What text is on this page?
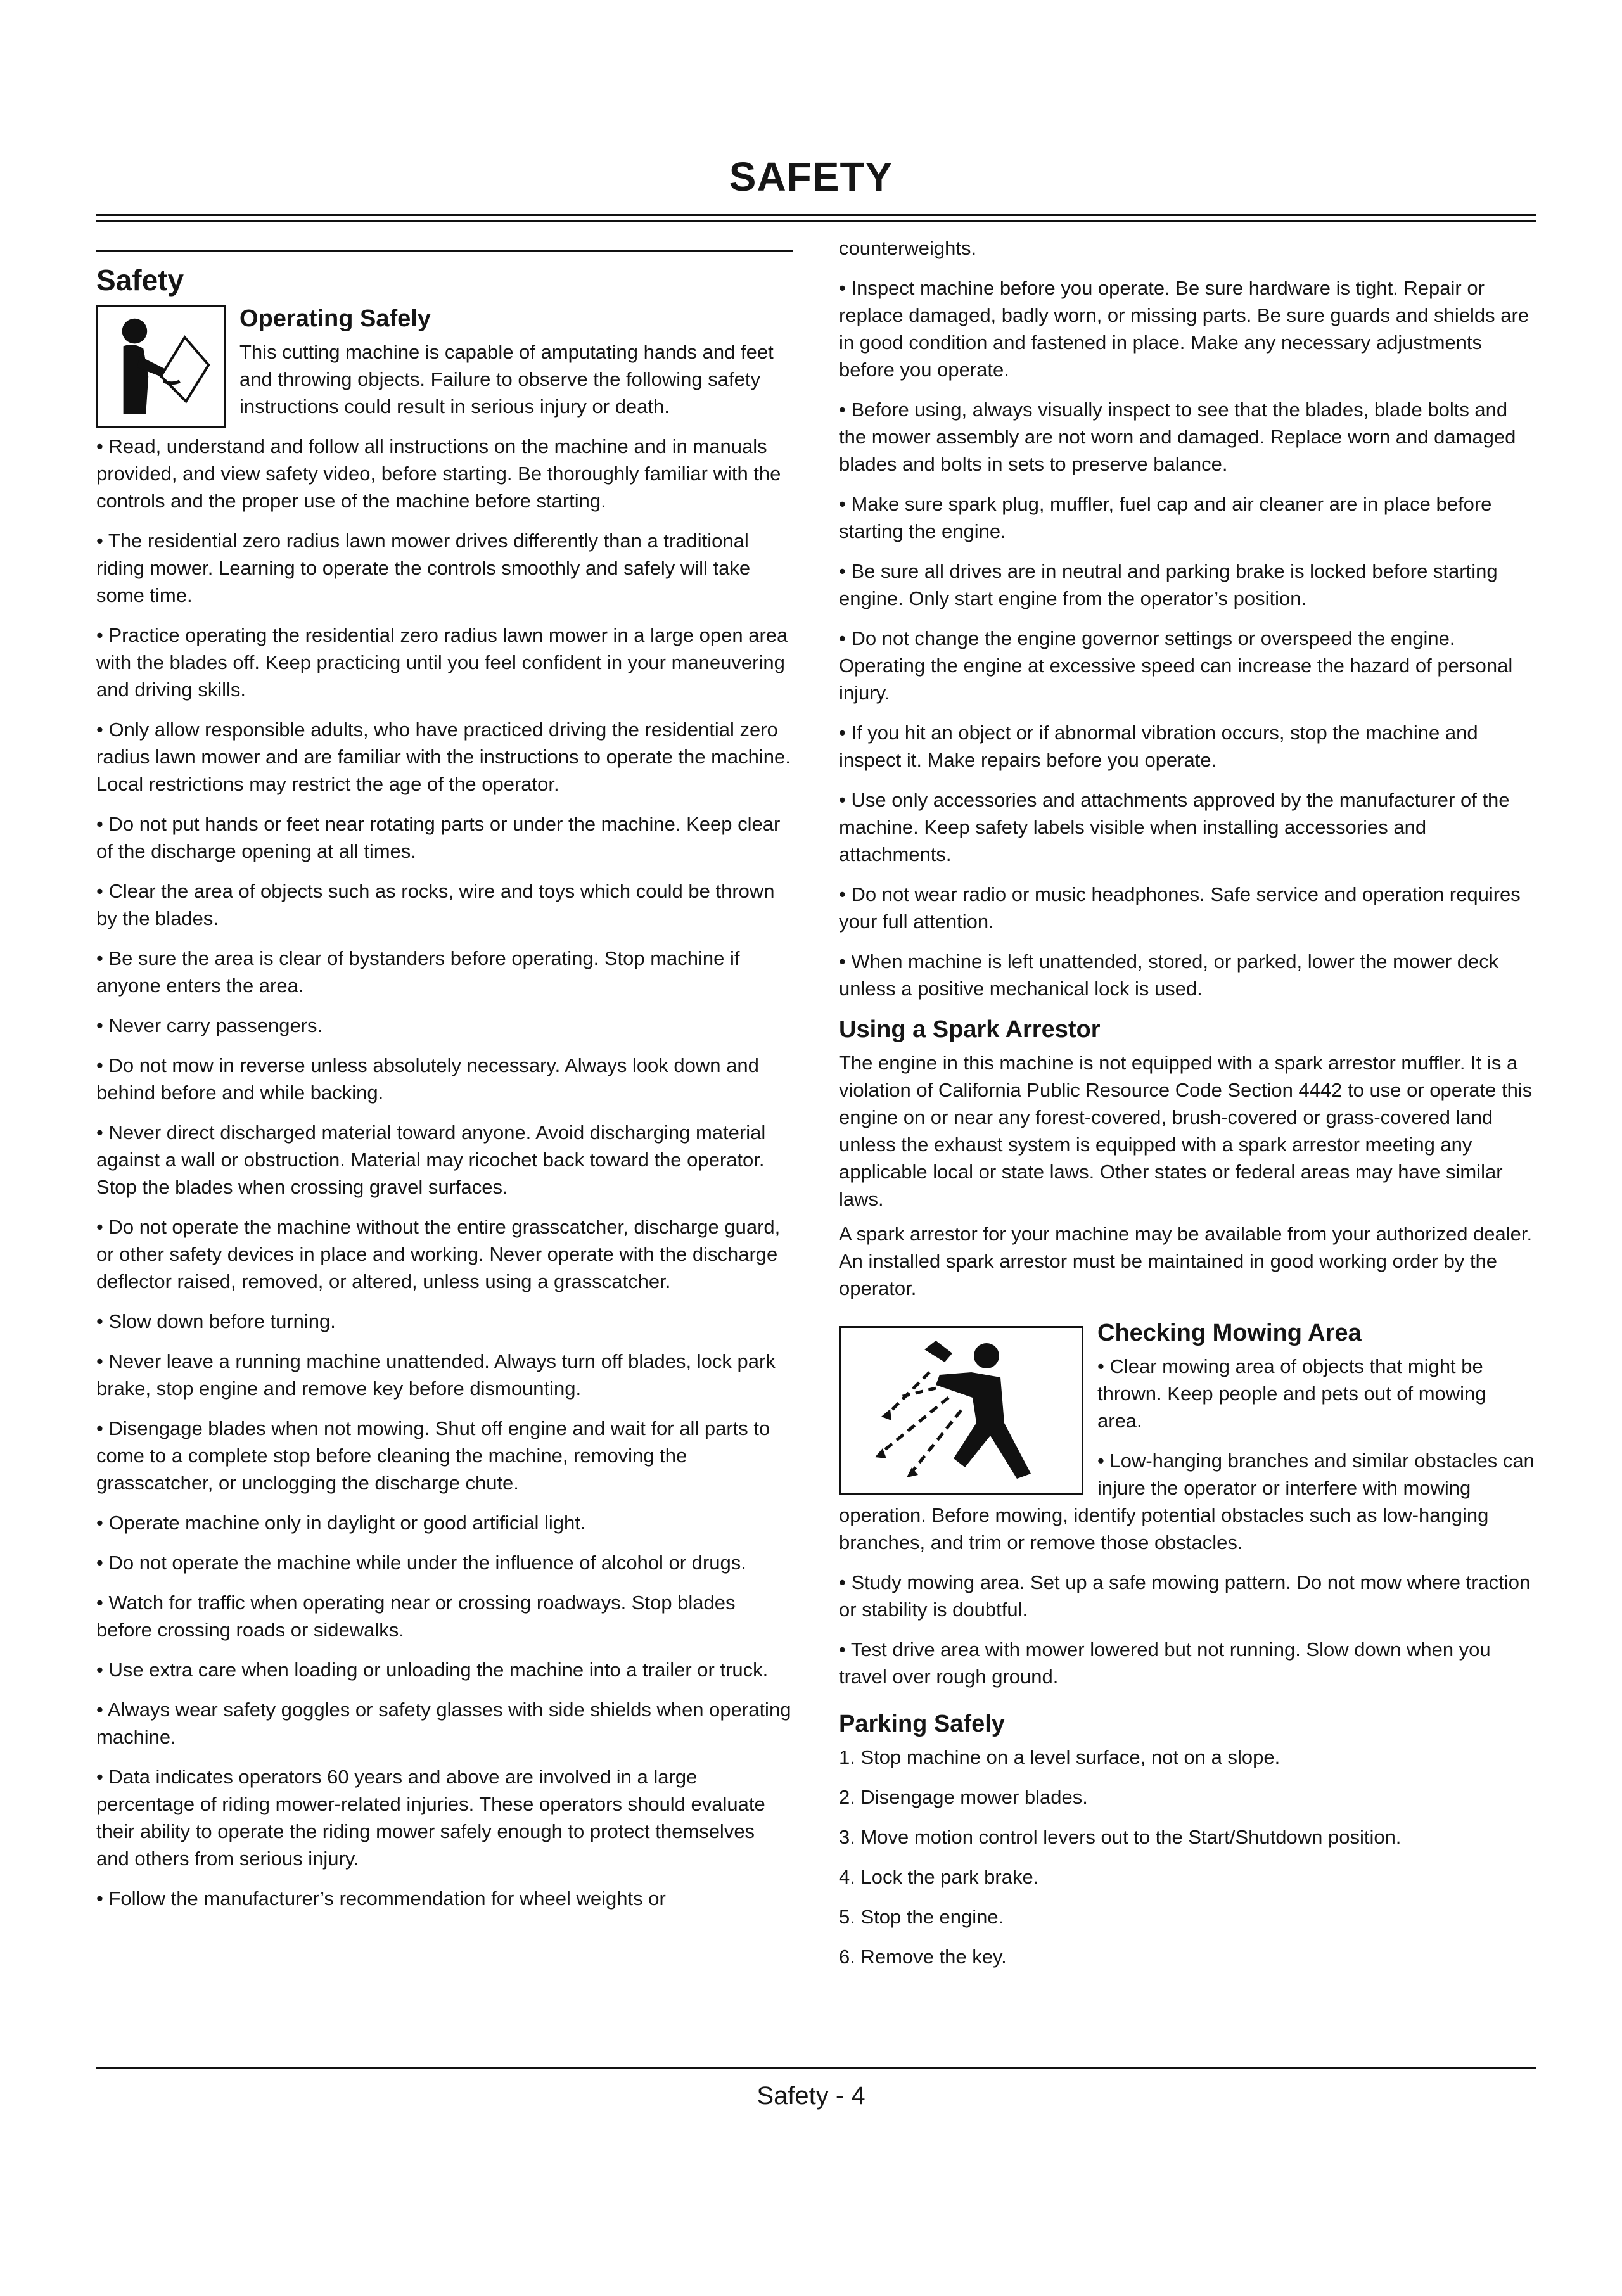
SAFETY
Safety
Operating Safely

This cutting machine is capable of amputating hands and feet and throwing objects. Failure to observe the following safety instructions could result in serious injury or death.

• Read, understand and follow all instructions on the machine and in manuals provided, and view safety video, before starting. Be thoroughly familiar with the controls and the proper use of the machine before starting.

• The residential zero radius lawn mower drives differently than a traditional riding mower. Learning to operate the controls smoothly and safely will take some time.

• Practice operating the residential zero radius lawn mower in a large open area with the blades off. Keep practicing until you feel confident in your maneuvering and driving skills.

• Only allow responsible adults, who have practiced driving the residential zero radius lawn mower and are familiar with the instructions to operate the machine. Local restrictions may restrict the age of the operator.

• Do not put hands or feet near rotating parts or under the machine. Keep clear of the discharge opening at all times.

• Clear the area of objects such as rocks, wire and toys which could be thrown by the blades.

• Be sure the area is clear of bystanders before operating. Stop machine if anyone enters the area.

• Never carry passengers.

• Do not mow in reverse unless absolutely necessary. Always look down and behind before and while backing.

• Never direct discharged material toward anyone. Avoid discharging material against a wall or obstruction. Material may ricochet back toward the operator. Stop the blades when crossing gravel surfaces.

• Do not operate the machine without the entire grasscatcher, discharge guard, or other safety devices in place and working. Never operate with the discharge deflector raised, removed, or altered, unless using a grasscatcher.

• Slow down before turning.

• Never leave a running machine unattended. Always turn off blades, lock park brake, stop engine and remove key before dismounting.

• Disengage blades when not mowing. Shut off engine and wait for all parts to come to a complete stop before cleaning the machine, removing the grasscatcher, or unclogging the discharge chute.

• Operate machine only in daylight or good artificial light.

• Do not operate the machine while under the influence of alcohol or drugs.

• Watch for traffic when operating near or crossing roadways. Stop blades before crossing roads or sidewalks.

• Use extra care when loading or unloading the machine into a trailer or truck.

• Always wear safety goggles or safety glasses with side shields when operating machine.

• Data indicates operators 60 years and above are involved in a large percentage of riding mower-related injuries. These operators should evaluate their ability to operate the riding mower safely enough to protect themselves and others from serious injury.

• Follow the manufacturer’s recommendation for wheel weights or

counterweights.

• Inspect machine before you operate. Be sure hardware is tight. Repair or replace damaged, badly worn, or missing parts. Be sure guards and shields are in good condition and fastened in place. Make any necessary adjustments before you operate.

• Before using, always visually inspect to see that the blades, blade bolts and the mower assembly are not worn and damaged. Replace worn and damaged blades and bolts in sets to preserve balance.

• Make sure spark plug, muffler, fuel cap and air cleaner are in place before starting the engine.

• Be sure all drives are in neutral and parking brake is locked before starting engine. Only start engine from the operator’s position.

• Do not change the engine governor settings or overspeed the engine. Operating the engine at excessive speed can increase the hazard of personal injury.

• If you hit an object or if abnormal vibration occurs, stop the machine and inspect it. Make repairs before you operate.

• Use only accessories and attachments approved by the manufacturer of the machine. Keep safety labels visible when installing accessories and attachments.

• Do not wear radio or music headphones. Safe service and operation requires your full attention.

• When machine is left unattended, stored, or parked, lower the mower deck unless a positive mechanical lock is used.

Using a Spark Arrestor

The engine in this machine is not equipped with a spark arrestor muffler. It is a violation of California Public Resource Code Section 4442 to use or operate this engine on or near any forest-covered, brush-covered or grass-covered land unless the exhaust system is equipped with a spark arrestor meeting any applicable local or state laws. Other states or federal areas may have similar laws.

A spark arrestor for your machine may be available from your authorized dealer. An installed spark arrestor must be maintained in good working order by the operator.

Checking Mowing Area

• Clear mowing area of objects that might be thrown. Keep people and pets out of mowing area.

• Low-hanging branches and similar obstacles can injure the operator or interfere with mowing operation. Before mowing, identify potential obstacles such as low-hanging branches, and trim or remove those obstacles.

• Study mowing area. Set up a safe mowing pattern. Do not mow where traction or stability is doubtful.

• Test drive area with mower lowered but not running. Slow down when you travel over rough ground.

Parking Safely

1. Stop machine on a level surface, not on a slope.

2. Disengage mower blades.

3. Move motion control levers out to the Start/Shutdown position.

4. Lock the park brake.

5. Stop the engine.

6. Remove the key.

Safety - 4
